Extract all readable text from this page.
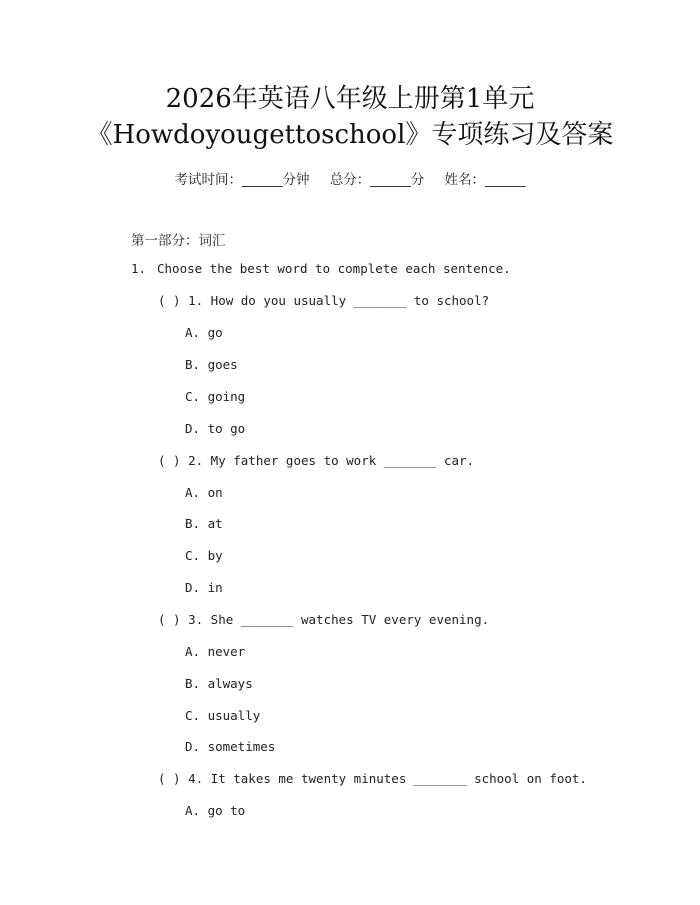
2026年英语八年级上册第1单元
《Howdoyougettoschool》专项练习及答案
考试时间：______分钟 总分：______分 姓名：______
第一部分：词汇
1. Choose the best word to complete each sentence.
( ) 1. How do you usually _______ to school?
A. go
B. goes
C. going
D. to go
( ) 2. My father goes to work _______ car.
A. on
B. at
C. by
D. in
( ) 3. She _______ watches TV every evening.
A. never
B. always
C. usually
D. sometimes
( ) 4. It takes me twenty minutes _______ school on foot.
A. go to
